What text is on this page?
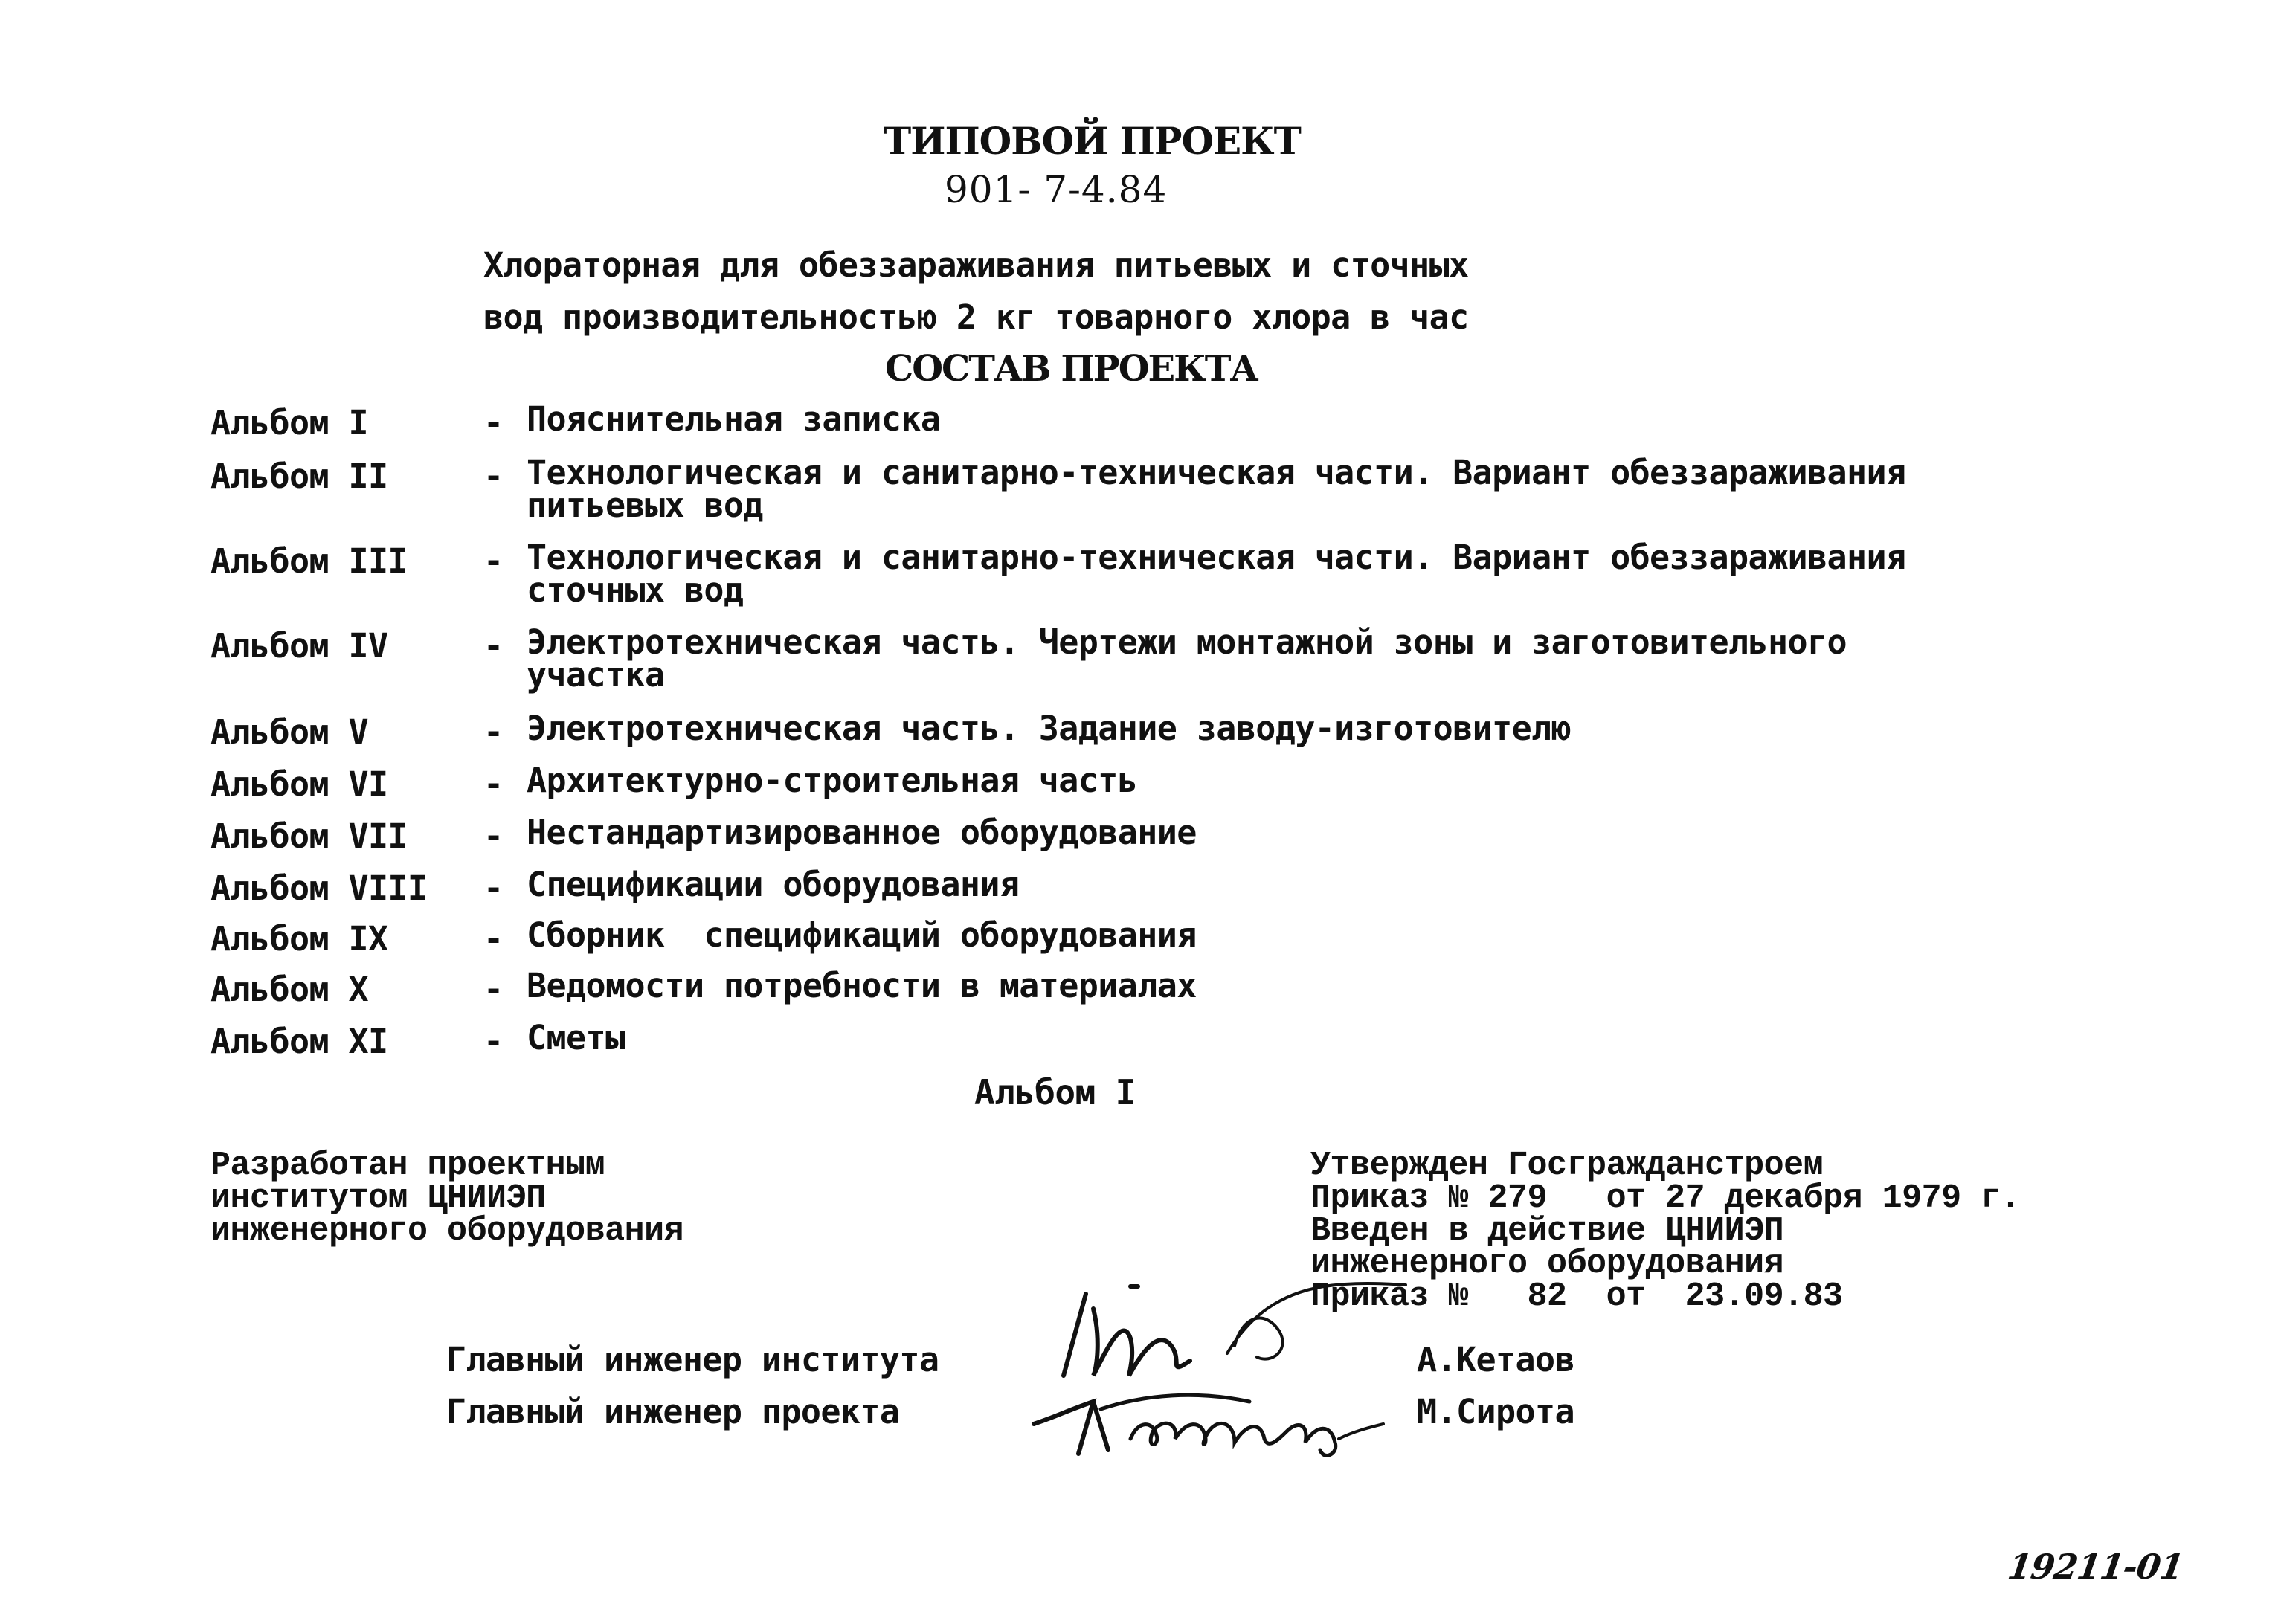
ТИПОВОЙ ПРОЕКТ
901- 7-4.84
Хлораторная для обеззараживания питьевых и сточных
вод производительностью 2 кг товарного хлора в час
СОСТАВ ПРОЕКТА
Альбом I	- Пояснительная записка
Альбом II	- Технологическая и санитарно-техническая части. Вариант обеззараживания питьевых вод
Альбом III - Технологическая и санитарно-техническая части. Вариант обеззараживания сточных вод
Альбом IV	- Электротехническая часть. Чертежи монтажной зоны и заготовительного участка
Альбом V	- Электротехническая часть. Задание заводу-изготовителю
Альбом VI	- Архитектурно-строительная часть
Альбом VII - Нестандартизированное оборудование
Альбом VIII - Спецификации оборудования
Альбом IX	- Сборник  спецификаций оборудования
Альбом X	- Ведомости потребности в материалах
Альбом XI	- Сметы
Альбом I
Разработан проектным
институтом ЦНИИЭП
инженерного оборудования
Утвержден Госгражданстроем
Приказ № 279   от 27 декабря 1979 г.
Введен в действие ЦНИИЭП
инженерного оборудования
Приказ №   82  от  23.09.83
Главный инженер института	А.Кетаов
Главный инженер проекта	М.Сирота
19211-01
